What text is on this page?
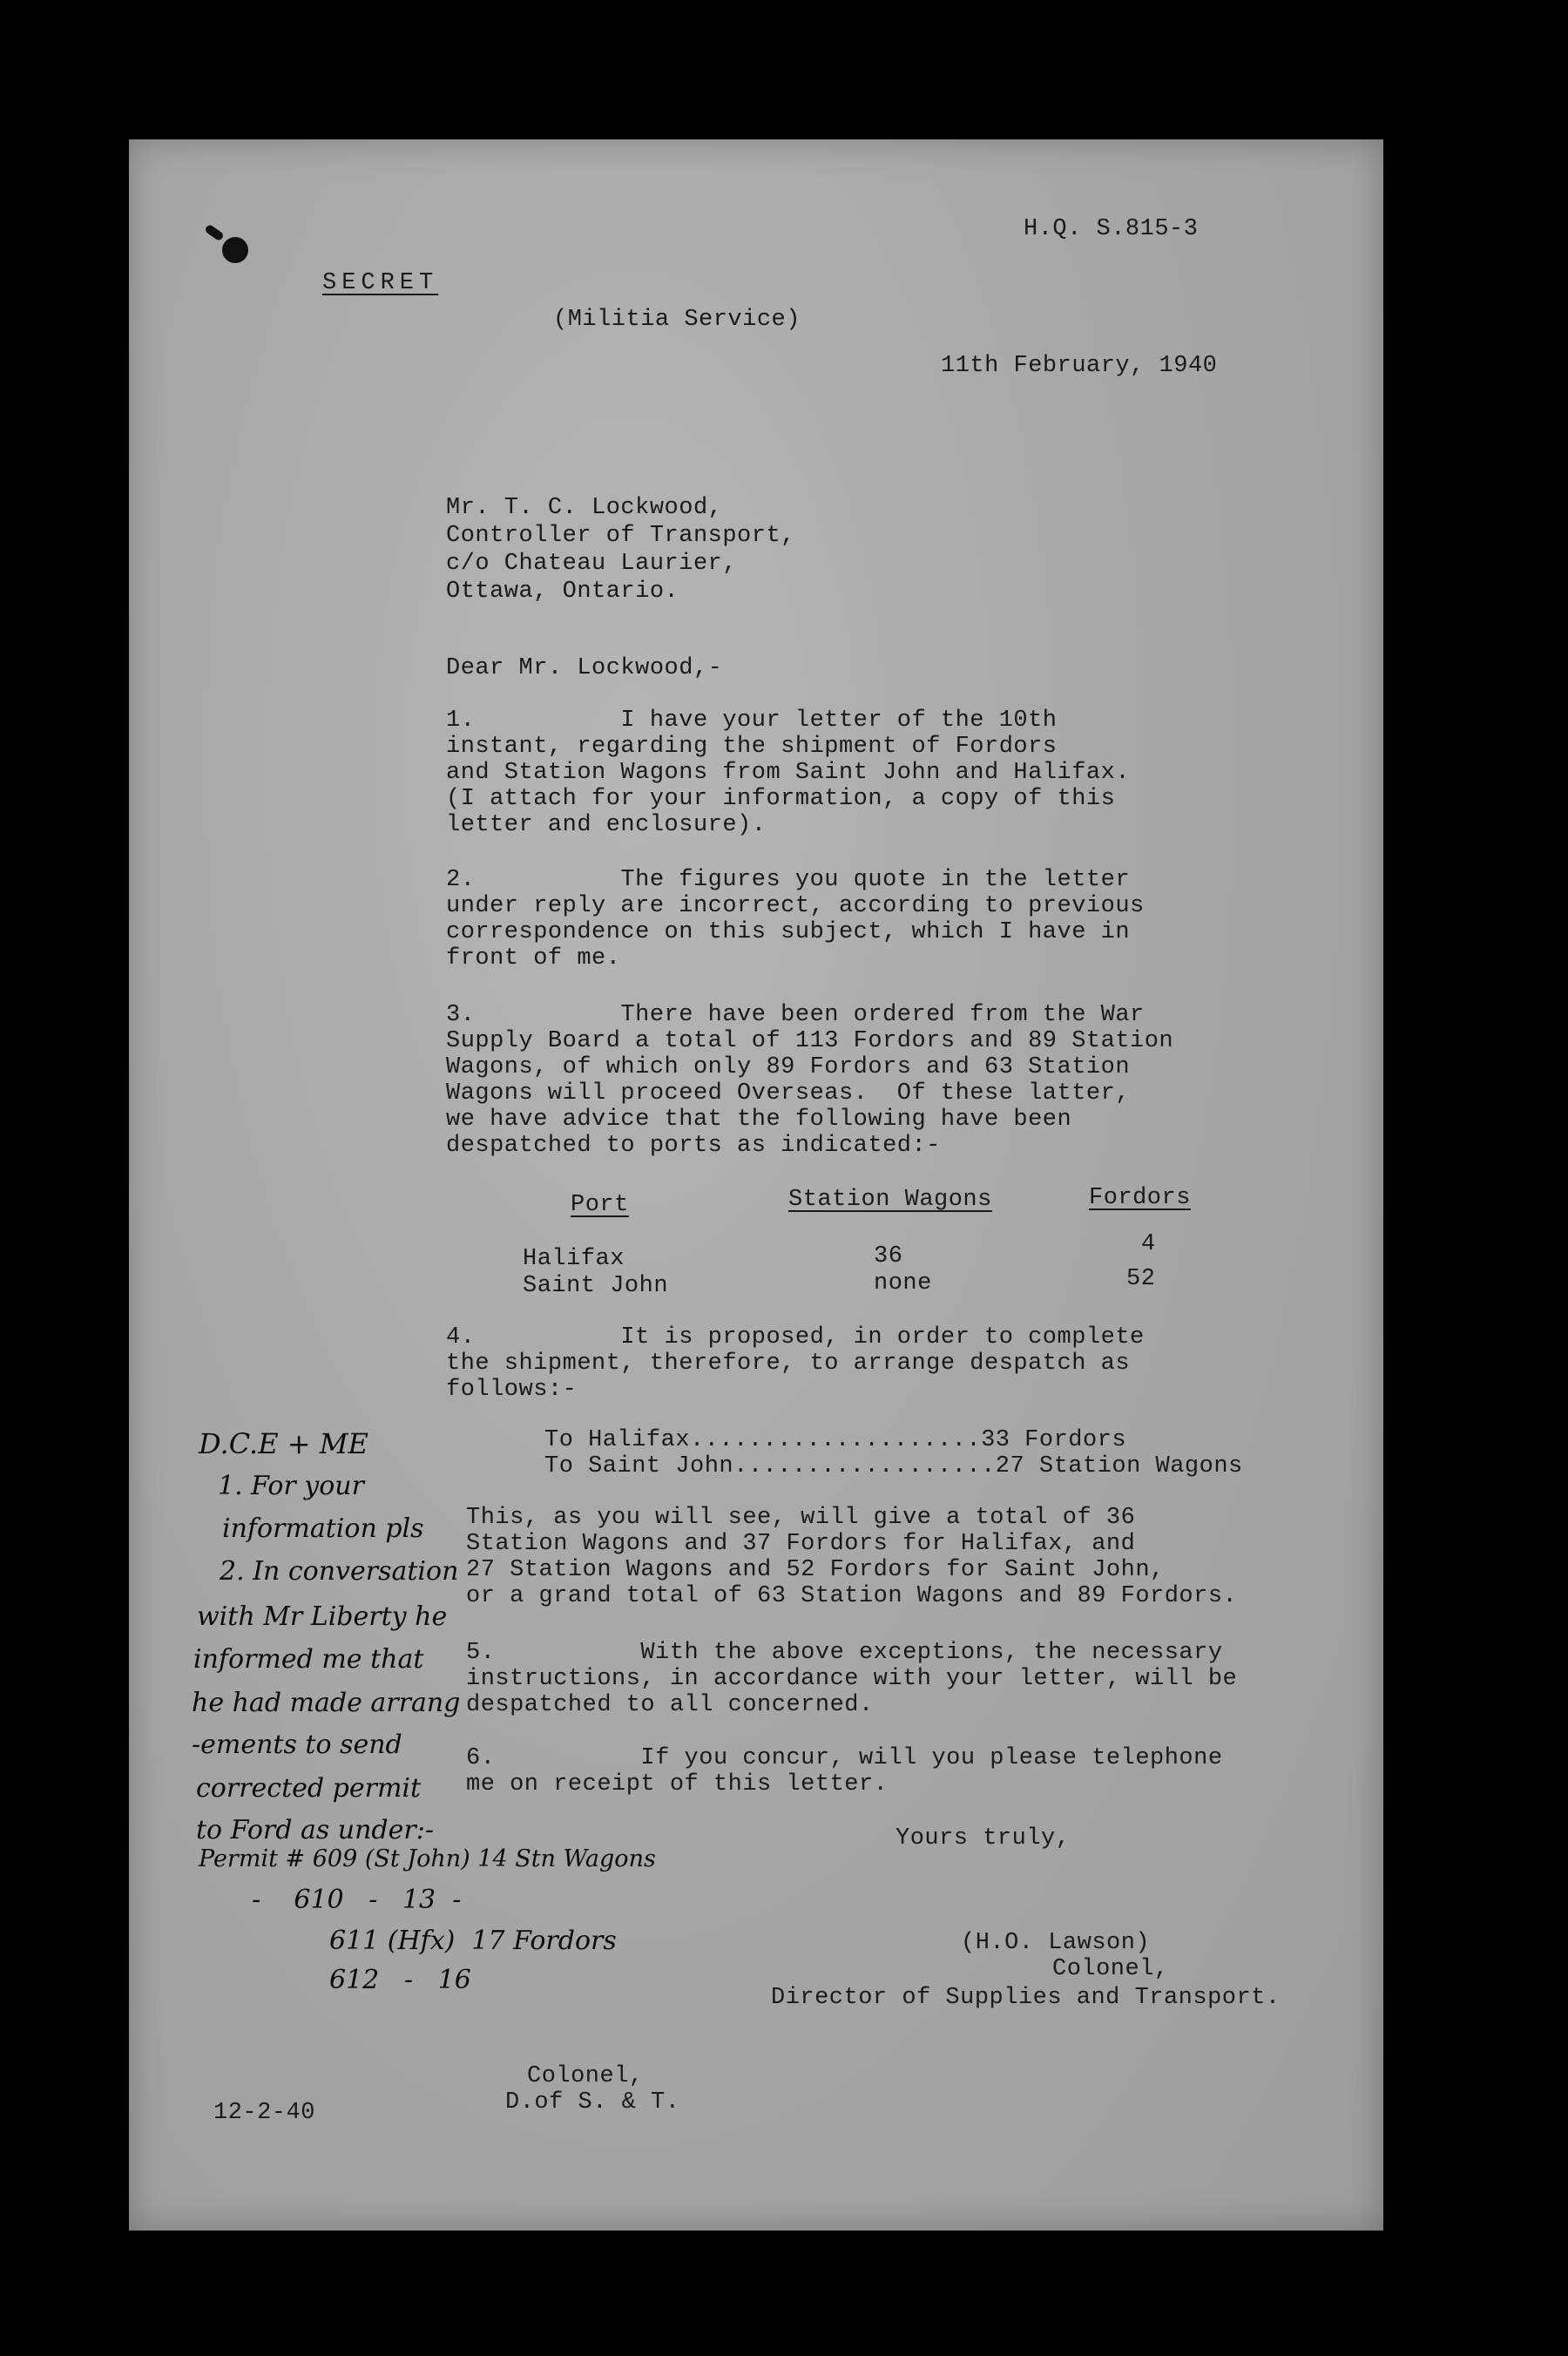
H.Q. S.815-3
SECRET
(Militia Service)
11th February, 1940
Mr. T. C. Lockwood,
Controller of Transport,
c/o Chateau Laurier,
Ottawa, Ontario.
Dear Mr. Lockwood,-
1.          I have your letter of the 10th
instant, regarding the shipment of Fordors
and Station Wagons from Saint John and Halifax.
(I attach for your information, a copy of this
letter and enclosure).
2.          The figures you quote in the letter
under reply are incorrect, according to previous
correspondence on this subject, which I have in
front of me.
3.          There have been ordered from the War
Supply Board a total of 113 Fordors and 89 Station
Wagons, of which only 89 Fordors and 63 Station
Wagons will proceed Overseas.  Of these latter,
we have advice that the following have been
despatched to ports as indicated:-
Port	Station Wagons	Fordors
Halifax	36	4
Saint John	none	52
4.          It is proposed, in order to complete
the shipment, therefore, to arrange despatch as
follows:-
To Halifax....................33 Fordors
To Saint John..................27 Station Wagons
This, as you will see, will give a total of 36
Station Wagons and 37 Fordors for Halifax, and
27 Station Wagons and 52 Fordors for Saint John,
or a grand total of 63 Station Wagons and 89 Fordors.
5.          With the above exceptions, the necessary
instructions, in accordance with your letter, will be
despatched to all concerned.
6.          If you concur, will you please telephone
me on receipt of this letter.
Yours truly,
(H.O. Lawson)
Colonel,
Director of Supplies and Transport.
Colonel,
D.of S. & T.
12-2-40
D.C.E + ME
1. For your
information pls
2. In conversation
with Mr Liberty he
informed me that
he had made arrang
-ements to send
corrected permit
to Ford as under:-
Permit # 609 (St John) 14 Stn Wagons
-    610   -   13  -
611 (Hfx)  17 Fordors
612   -   16
